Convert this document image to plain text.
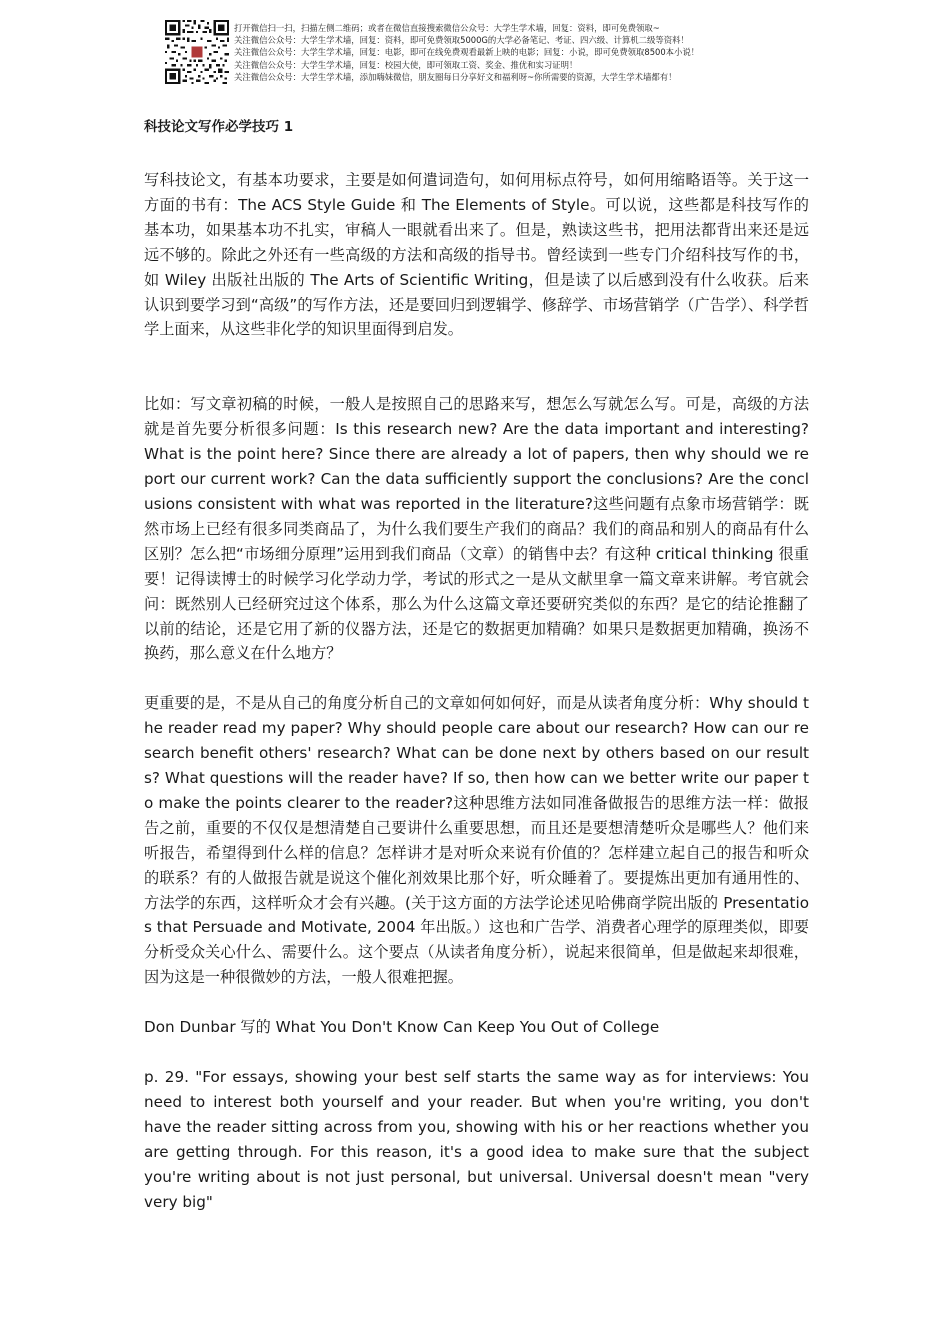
打开微信扫一扫，扫描左侧二维码；或者在微信直接搜索微信公众号：大学生学术墙，回复：资料，即可免费领取~
关注微信公众号：大学生学术墙，回复：资料，即可免费领取5000G的大学必备笔记、考证、四六级、计算机二级等资料！
关注微信公众号：大学生学术墙，回复：电影，即可在线免费观看最新上映的电影；回复：小说，即可免费领取8500本小说！
关注微信公众号：大学生学术墙，回复：校园大使，即可领取工资、奖金、推优和实习证明！
关注微信公众号：大学生学术墙，添加嗨妹微信，朋友圈每日分享好文和福利呀~你所需要的资源，大学生学术墙都有！
科技论文写作必学技巧 1

写科技论文，有基本功要求，主要是如何遣词造句，如何用标点符号，如何用缩略语等。关于这一方面的书有：The ACS Style Guide 和 The Elements of Style。可以说，这些都是科技写作的基本功，如果基本功不扎实，审稿人一眼就看出来了。但是，熟读这些书，把用法都背出来还是远远不够的。除此之外还有一些高级的方法和高级的指导书。曾经读到一些专门介绍科技写作的书，如 Wiley 出版社出版的 The Arts of Scientific Writing，但是读了以后感到没有什么收获。后来认识到要学习到“高级”的写作方法，还是要回归到逻辑学、修辞学、市场营销学（广告学）、科学哲学上面来，从这些非化学的知识里面得到启发。

比如：写文章初稿的时候，一般人是按照自己的思路来写，想怎么写就怎么写。可是，高级的方法就是首先要分析很多问题：Is this research new? Are the data important and interesting? What is the point here? Since there are already a lot of papers, then why should we report our current work? Can the data sufficiently support the conclusions? Are the conclusions consistent with what was reported in the literature?这些问题有点象市场营销学：既然市场上已经有很多同类商品了，为什么我们要生产我们的商品？我们的商品和别人的商品有什么区别？怎么把“市场细分原理”运用到我们商品（文章）的销售中去？有这种 critical thinking 很重要！记得读博士的时候学习化学动力学，考试的形式之一是从文献里拿一篇文章来讲解。考官就会问：既然别人已经研究过这个体系，那么为什么这篇文章还要研究类似的东西？是它的结论推翻了以前的结论，还是它用了新的仪器方法，还是它的数据更加精确？如果只是数据更加精确，换汤不换药，那么意义在什么地方？

更重要的是，不是从自己的角度分析自己的文章如何如何好，而是从读者角度分析：Why should the reader read my paper? Why should people care about our research? How can our research benefit others' research? What can be done next by others based on our results? What questions will the reader have? If so, then how can we better write our paper to make the points clearer to the reader?这种思维方法如同准备做报告的思维方法一样：做报告之前，重要的不仅仅是想清楚自己要讲什么重要思想，而且还是要想清楚听众是哪些人？他们来听报告，希望得到什么样的信息？怎样讲才是对听众来说有价值的？怎样建立起自己的报告和听众的联系？有的人做报告就是说这个催化剂效果比那个好，听众睡着了。要提炼出更加有通用性的、方法学的东西，这样听众才会有兴趣。(关于这方面的方法学论述见哈佛商学院出版的 Presentatios that Persuade and Motivate, 2004 年出版。）这也和广告学、消费者心理学的原理类似，即要分析受众关心什么、需要什么。这个要点（从读者角度分析），说起来很简单，但是做起来却很难，因为这是一种很微妙的方法，一般人很难把握。

Don Dunbar 写的 What You Don't Know Can Keep You Out of College

p. 29. "For essays, showing your best self starts the same way as for interviews: You need to interest both yourself and your reader. But when you're writing, you don't have the reader sitting across from you, showing with his or her reactions whether you are getting through. For this reason, it's a good idea to make sure that the subject you're writing about is not just personal, but universal. Universal doesn't mean "very very big"
